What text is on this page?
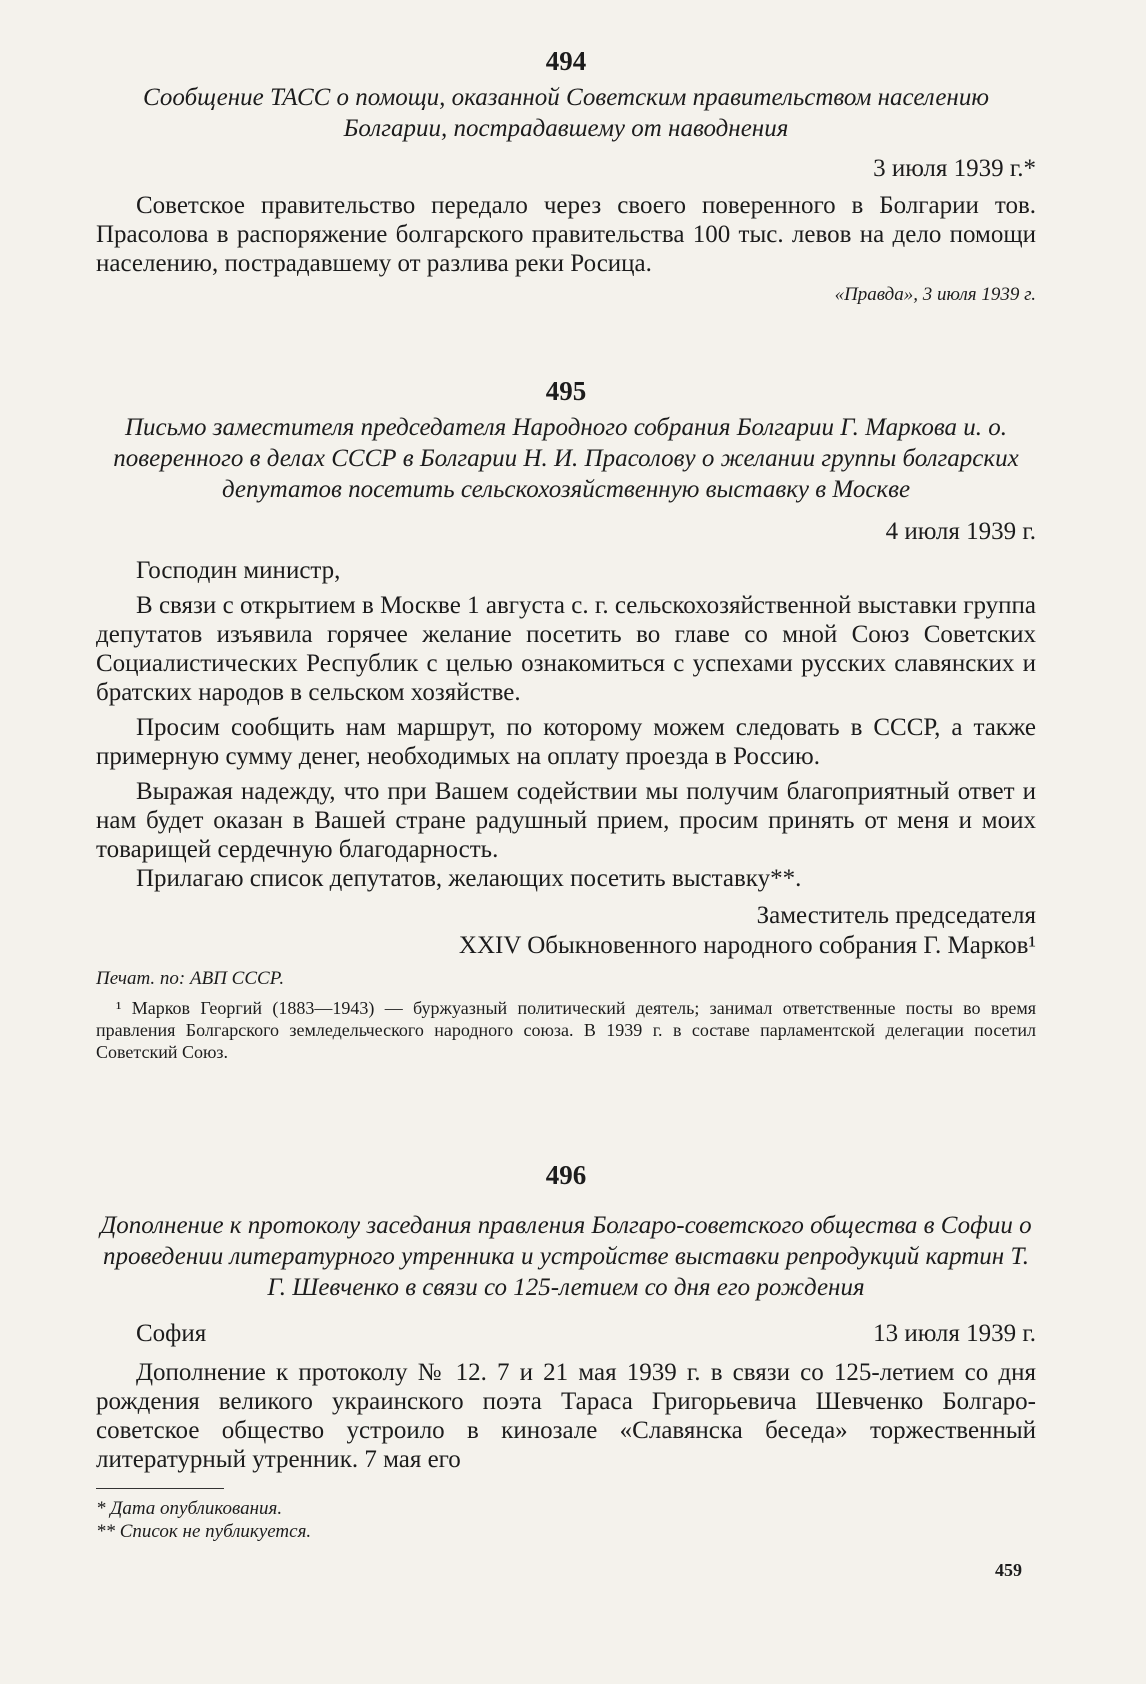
494
Сообщение ТАСС о помощи, оказанной Советским правительством населению Болгарии, пострадавшему от наводнения
3 июля 1939 г.*

Советское правительство передало через своего поверенного в Болгарии тов. Прасолова в распоряжение болгарского правительства 100 тыс. левов на дело помощи населению, пострадавшему от разлива реки Росица.

«Правда», 3 июля 1939 г.
495
Письмо заместителя председателя Народного собрания Болгарии Г. Маркова и. о. поверенного в делах СССР в Болгарии Н. И. Прасолову о желании группы болгарских депутатов посетить сельскохозяйственную выставку в Москве
4 июля 1939 г.

Господин министр,

В связи с открытием в Москве 1 августа с. г. сельскохозяйственной выставки группа депутатов изъявила горячее желание посетить во главе со мной Союз Советских Социалистических Республик с целью ознакомиться с успехами русских славянских и братских народов в сельском хозяйстве.

Просим сообщить нам маршрут, по которому можем следовать в СССР, а также примерную сумму денег, необходимых на оплату проезда в Россию.

Выражая надежду, что при Вашем содействии мы получим благоприятный ответ и нам будет оказан в Вашей стране радушный прием, просим принять от меня и моих товарищей сердечную благодарность.

Прилагаю список депутатов, желающих посетить выставку**.

Заместитель председателя
XXIV Обыкновенного народного собрания Г. Марков¹
Печат. по: АВП СССР.

¹ Марков Георгий (1883—1943) — буржуазный политический деятель; занимал ответственные посты во время правления Болгарского земледельческого народного союза. В 1939 г. в составе парламентской делегации посетил Советский Союз.

496
Дополнение к протоколу заседания правления Болгаро-советского общества в Софии о проведении литературного утренника и устройстве выставки репродукций картин Т. Г. Шевченко в связи со 125-летием со дня его рождения
София	13 июля 1939 г.

Дополнение к протоколу № 12. 7 и 21 мая 1939 г. в связи со 125-летием со дня рождения великого украинского поэта Тараса Григорьевича Шевченко Болгаро-советское общество устроило в кинозале «Славянска беседа» торжественный литературный утренник. 7 мая его

* Дата опубликования.
** Список не публикуется.
459
